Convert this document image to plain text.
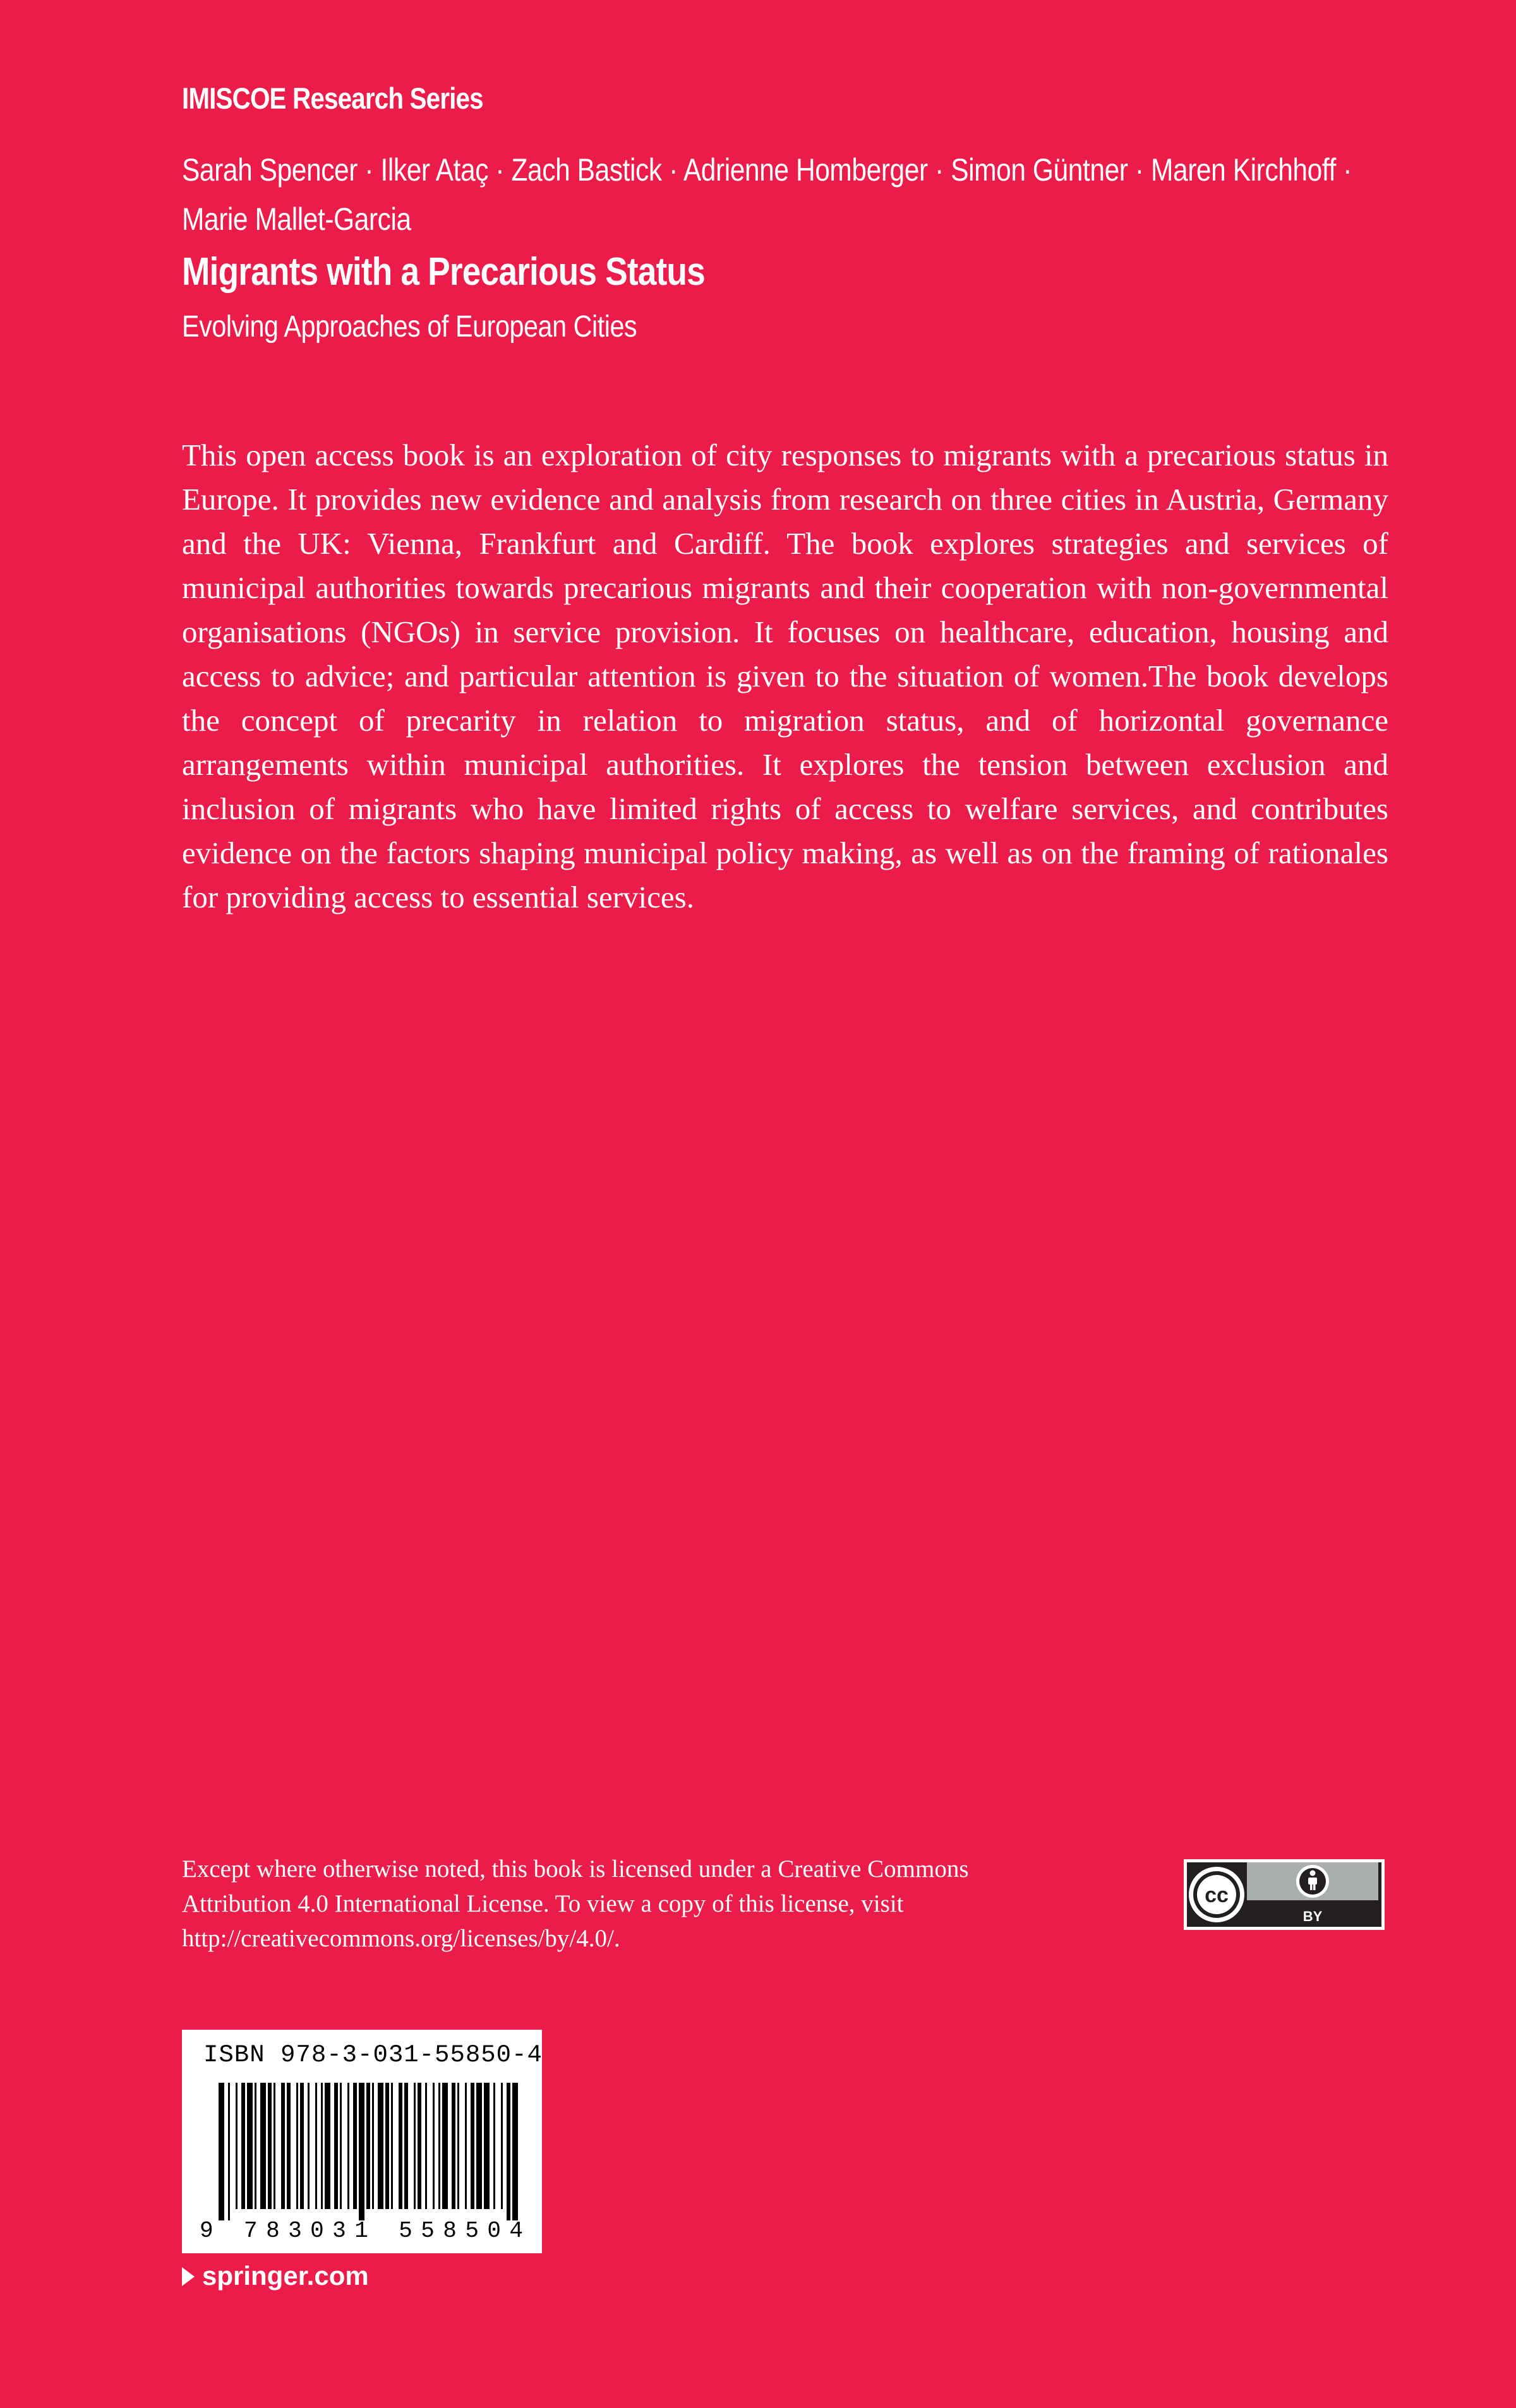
IMISCOE Research Series
Sarah Spencer · Ilker Ataç · Zach Bastick · Adrienne Homberger · Simon Güntner · Maren Kirchhoff · Marie Mallet-Garcia
Migrants with a Precarious Status
Evolving Approaches of European Cities

This open access book is an exploration of city responses to migrants with a precarious status in Europe. It provides new evidence and analysis from research on three cities in Austria, Germany and the UK: Vienna, Frankfurt and Cardiff. The book explores strategies and services of municipal authorities towards precarious migrants and their cooperation with non-governmental organisations (NGOs) in service provision. It focuses on healthcare, education, housing and access to advice; and particular attention is given to the situation of women.The book develops the concept of precarity in relation to migration status, and of horizontal governance arrangements within municipal authorities. It explores the tension between exclusion and inclusion of migrants who have limited rights of access to welfare services, and contributes evidence on the factors shaping municipal policy making, as well as on the framing of rationales for providing access to essential services.

Except where otherwise noted, this book is licensed under a Creative Commons Attribution 4.0 International License. To view a copy of this license, visit http://creativecommons.org/licenses/by/4.0/.

cc
BY
ISBN 978-3-031-55850-4
9 783031 558504
springer.com
